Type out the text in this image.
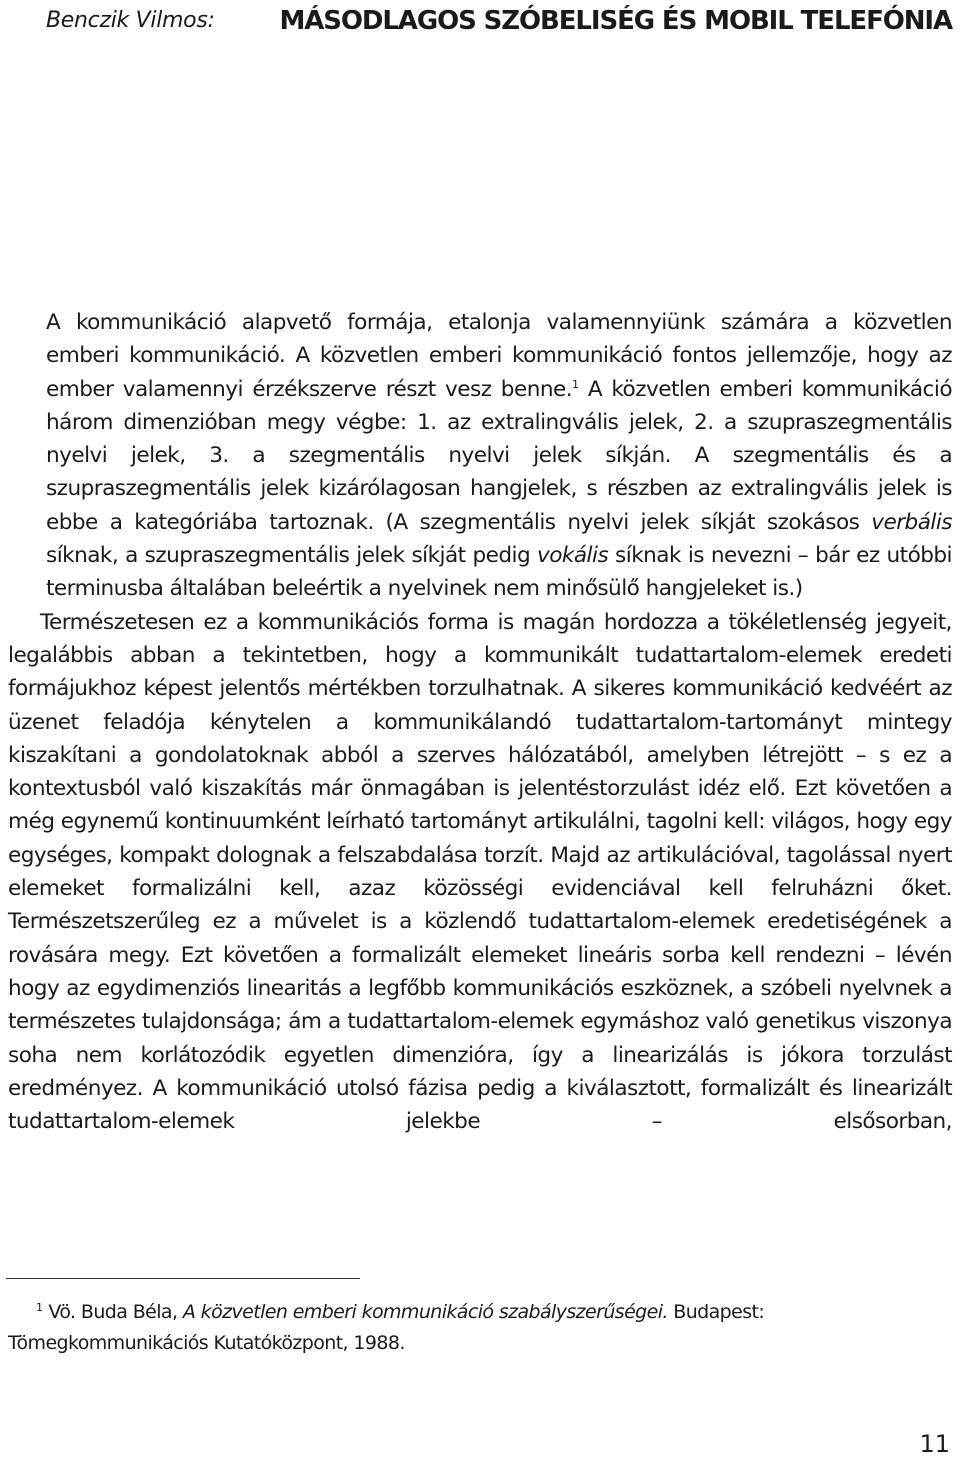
Benczik Vilmos: MÁSODLAGOS SZÓBELISÉG ÉS MOBIL TELEFÓNIA

A kommunikáció alapvető formája, etalonja valamennyiünk számára a közvetlen emberi kommunikáció. A közvetlen emberi kommunikáció fontos jellemzője, hogy az ember valamennyi érzékszerve részt vesz benne.$^1$ A közvetlen emberi kommunikáció három dimenzióban megy végbe: 1. az extralingvális jelek, 2. a szupraszegmentális nyelvi jelek, 3. a szegmentális nyelvi jelek síkján. A szegmentális és a szupraszegmentális jelek kizárólagosan hangjelek, s részben az extralingvális jelek is ebbe a kategóriába tartoznak. (A szegmentális nyelvi jelek síkját szokásos verbális síknak, a szupraszegmentális jelek síkját pedig vokális síknak is nevezni – bár ez utóbbi terminusba általában beleértik a nyelvinek nem minősülő hangjeleket is.)

Természetesen ez a kommunikációs forma is magán hordozza a tökéletlenség jegyeit, legalábbis abban a tekintetben, hogy a kommunikált tudattartalom-elemek eredeti formájukhoz képest jelentős mértékben torzulhatnak. A sikeres kommunikáció kedvéért az üzenet feladója kénytelen a kommunikálandó tudattartalom-tartományt mintegy kiszakítani a gondolatoknak abból a szerves hálózatából, amelyben létrejött – s ez a kontextusból való kiszakítás már önmagában is jelentéstorzulást idéz elő. Ezt követően a még egynemű kontinuumként leírható tartományt artikulálni, tagolni kell: világos, hogy egy egységes, kompakt dolognak a felszabdalása torzít. Majd az artikulációval, tagolással nyert elemeket formalizálni kell, azaz közösségi evidenciával kell felruházni őket. Természetszerűleg ez a művelet is a közlendő tudattartalom-elemek eredetiségének a rovására megy. Ezt követően a formalizált elemeket lineáris sorba kell rendezni – lévén hogy az egydimenziós linearitás a legfőbb kommunikációs eszköznek, a szóbeli nyelvnek a természetes tulajdonsága; ám a tudattartalom-elemek egymáshoz való genetikus viszonya soha nem korlátozódik egyetlen dimenzióra, így a linearizálás is jókora torzulást eredményez. A kommunikáció utolsó fázisa pedig a kiválasztott, formalizált és linearizált tudattartalom-elemek jelekbe – elsősorban,

$^1$ Vö. Buda Béla, A közvetlen emberi kommunikáció szabályszerűségei. Budapest: Tömegkommunikációs Kutatóközpont, 1988.

11
